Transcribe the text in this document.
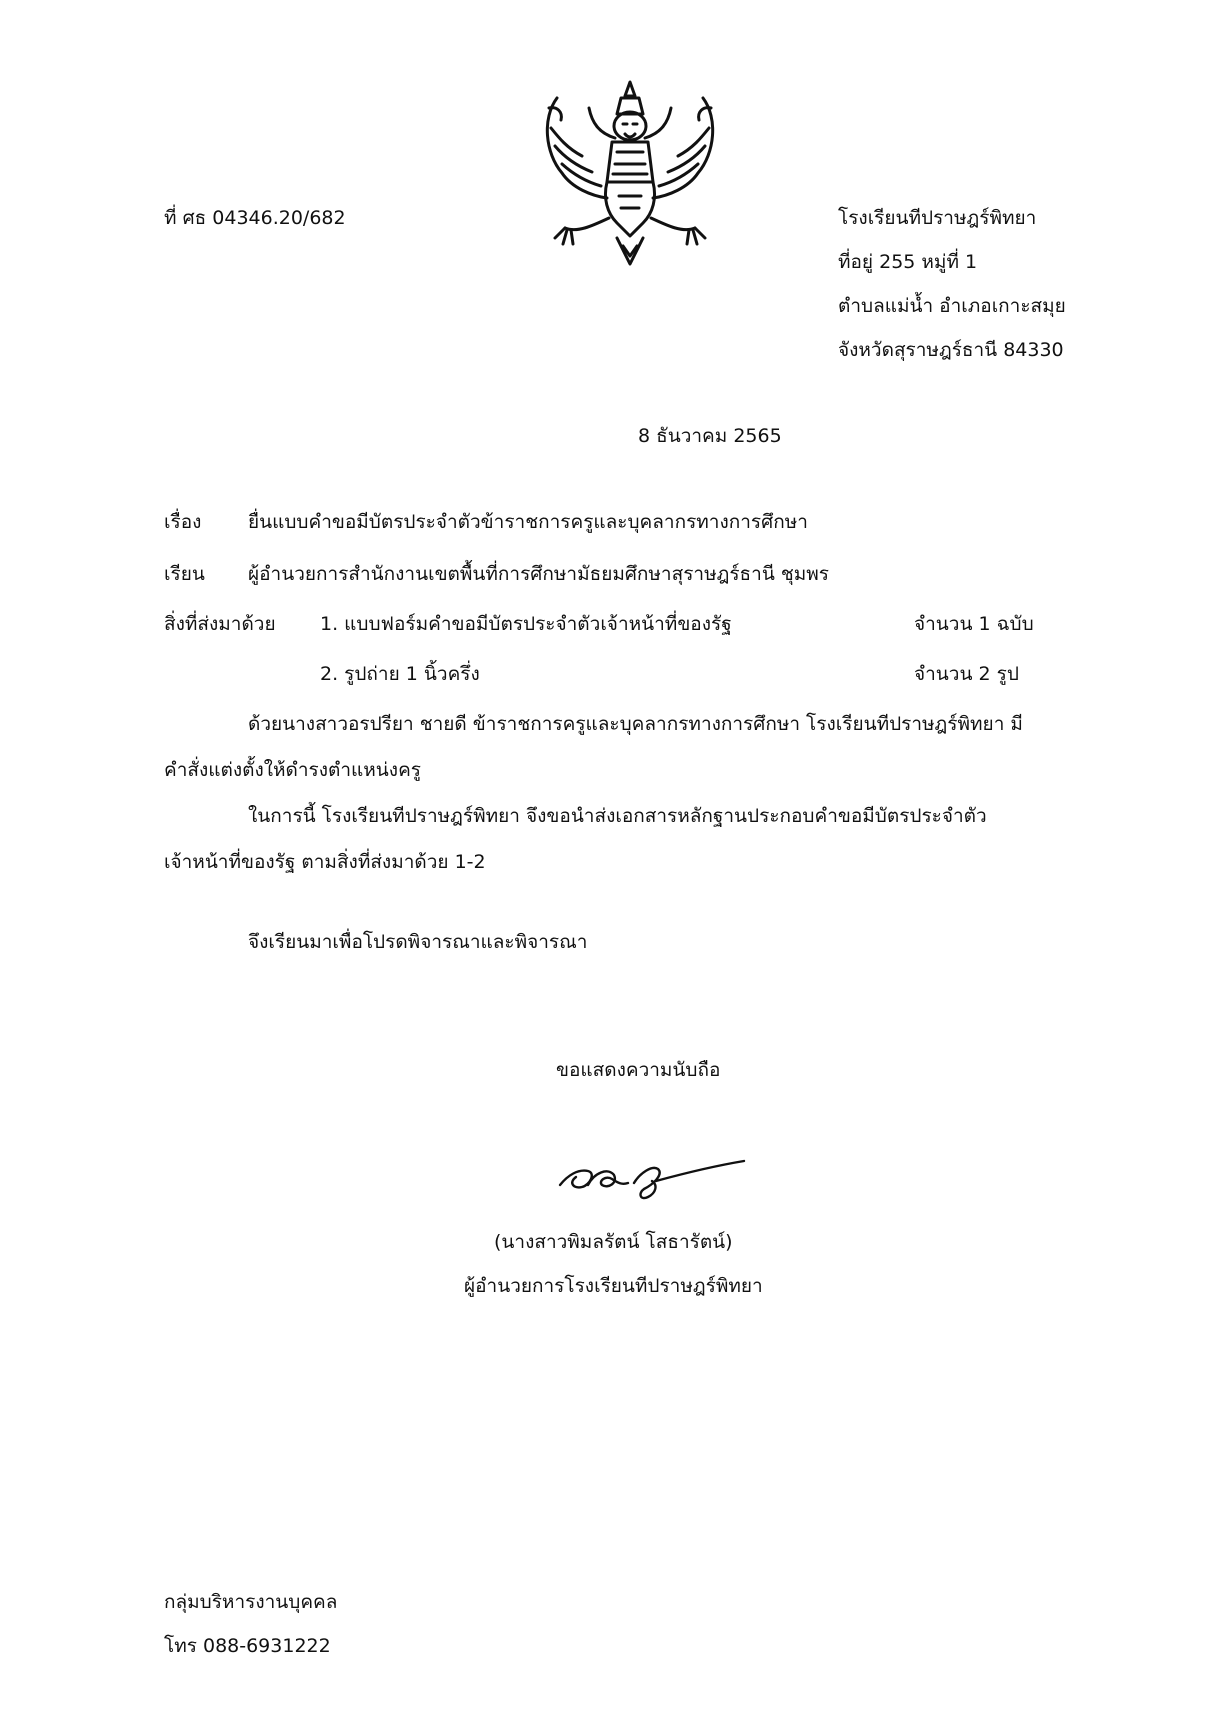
ที่ ศธ 04346.20/682	โรงเรียนทีปราษฎร์พิทยา
ที่อยู่ 255 หมู่ที่ 1
ตำบลแม่น้ำ อำเภอเกาะสมุย
จังหวัดสุราษฎร์ธานี 84330
8 ธันวาคม 2565
เรื่อง ยื่นแบบคำขอมีบัตรประจำตัวข้าราชการครูและบุคลากรทางการศึกษา
เรียน ผู้อำนวยการสำนักงานเขตพื้นที่การศึกษามัธยมศึกษาสุราษฎร์ธานี ชุมพร
สิ่งที่ส่งมาด้วย 1. แบบฟอร์มคำขอมีบัตรประจำตัวเจ้าหน้าที่ของรัฐ	จำนวน 1 ฉบับ
2. รูปถ่าย 1 นิ้วครึ่ง	จำนวน 2 รูป
ด้วยนางสาวอรปรียา ชายดี ข้าราชการครูและบุคลากรทางการศึกษา โรงเรียนทีปราษฎร์พิทยา มี
คำสั่งแต่งตั้งให้ดำรงตำแหน่งครู
ในการนี้ โรงเรียนทีปราษฎร์พิทยา จึงขอนำส่งเอกสารหลักฐานประกอบคำขอมีบัตรประจำตัว
เจ้าหน้าที่ของรัฐ ตามสิ่งที่ส่งมาด้วย 1-2
จึงเรียนมาเพื่อโปรดพิจารณาและพิจารณา
ขอแสดงความนับถือ
(นางสาวพิมลรัตน์ โสธารัตน์)
ผู้อำนวยการโรงเรียนทีปราษฎร์พิทยา
กลุ่มบริหารงานบุคคล
โทร 088-6931222
